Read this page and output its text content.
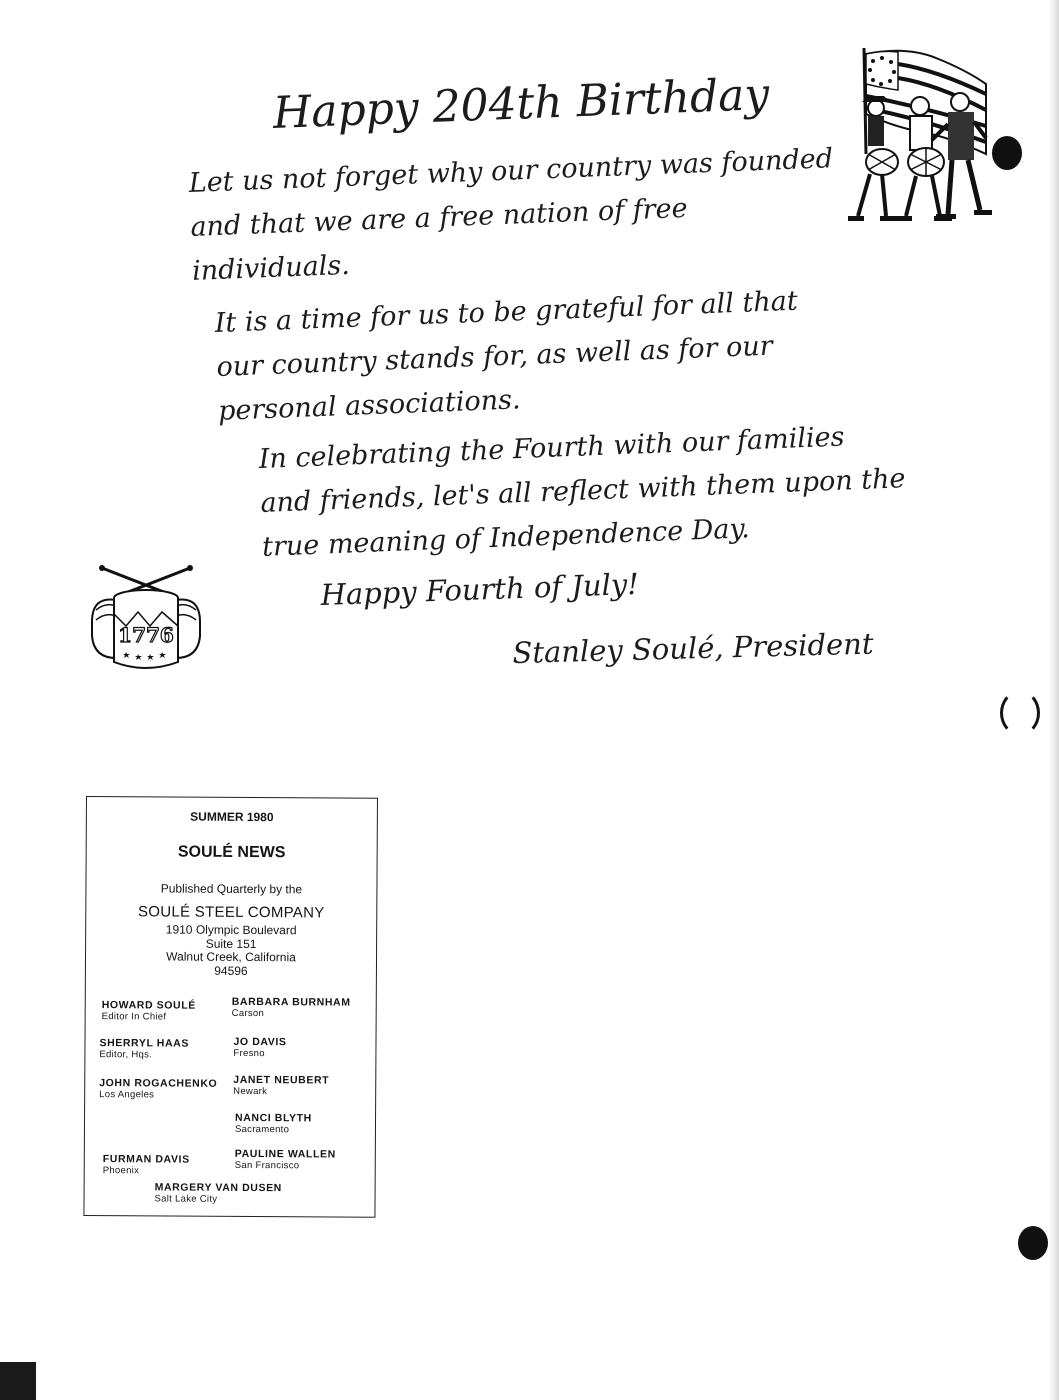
Happy 204th Birthday
Let us not forget why our country was founded
and that we are a free nation of free
individuals.
It is a time for us to be grateful for all that
our country stands for, as well as for our
personal associations.
In celebrating the Fourth with our families
and friends, let's all reflect with them upon the
true meaning of Independence Day.
Happy Fourth of July!
Stanley Soulé, President
1776
SUMMER 1980
SOULÉ NEWS
Published Quarterly by the
SOULÉ STEEL COMPANY
1910 Olympic Boulevard
Suite 151
Walnut Creek, California
94596
HOWARD SOULÉ
Editor In Chief
BARBARA BURNHAM
Carson
SHERRYL HAAS
Editor, Hqs.
JO DAVIS
Fresno
JOHN ROGACHENKO
Los Angeles
JANET NEUBERT
Newark
NANCI BLYTH
Sacramento
FURMAN DAVIS
Phoenix
PAULINE WALLEN
San Francisco
MARGERY VAN DUSEN
Salt Lake City
